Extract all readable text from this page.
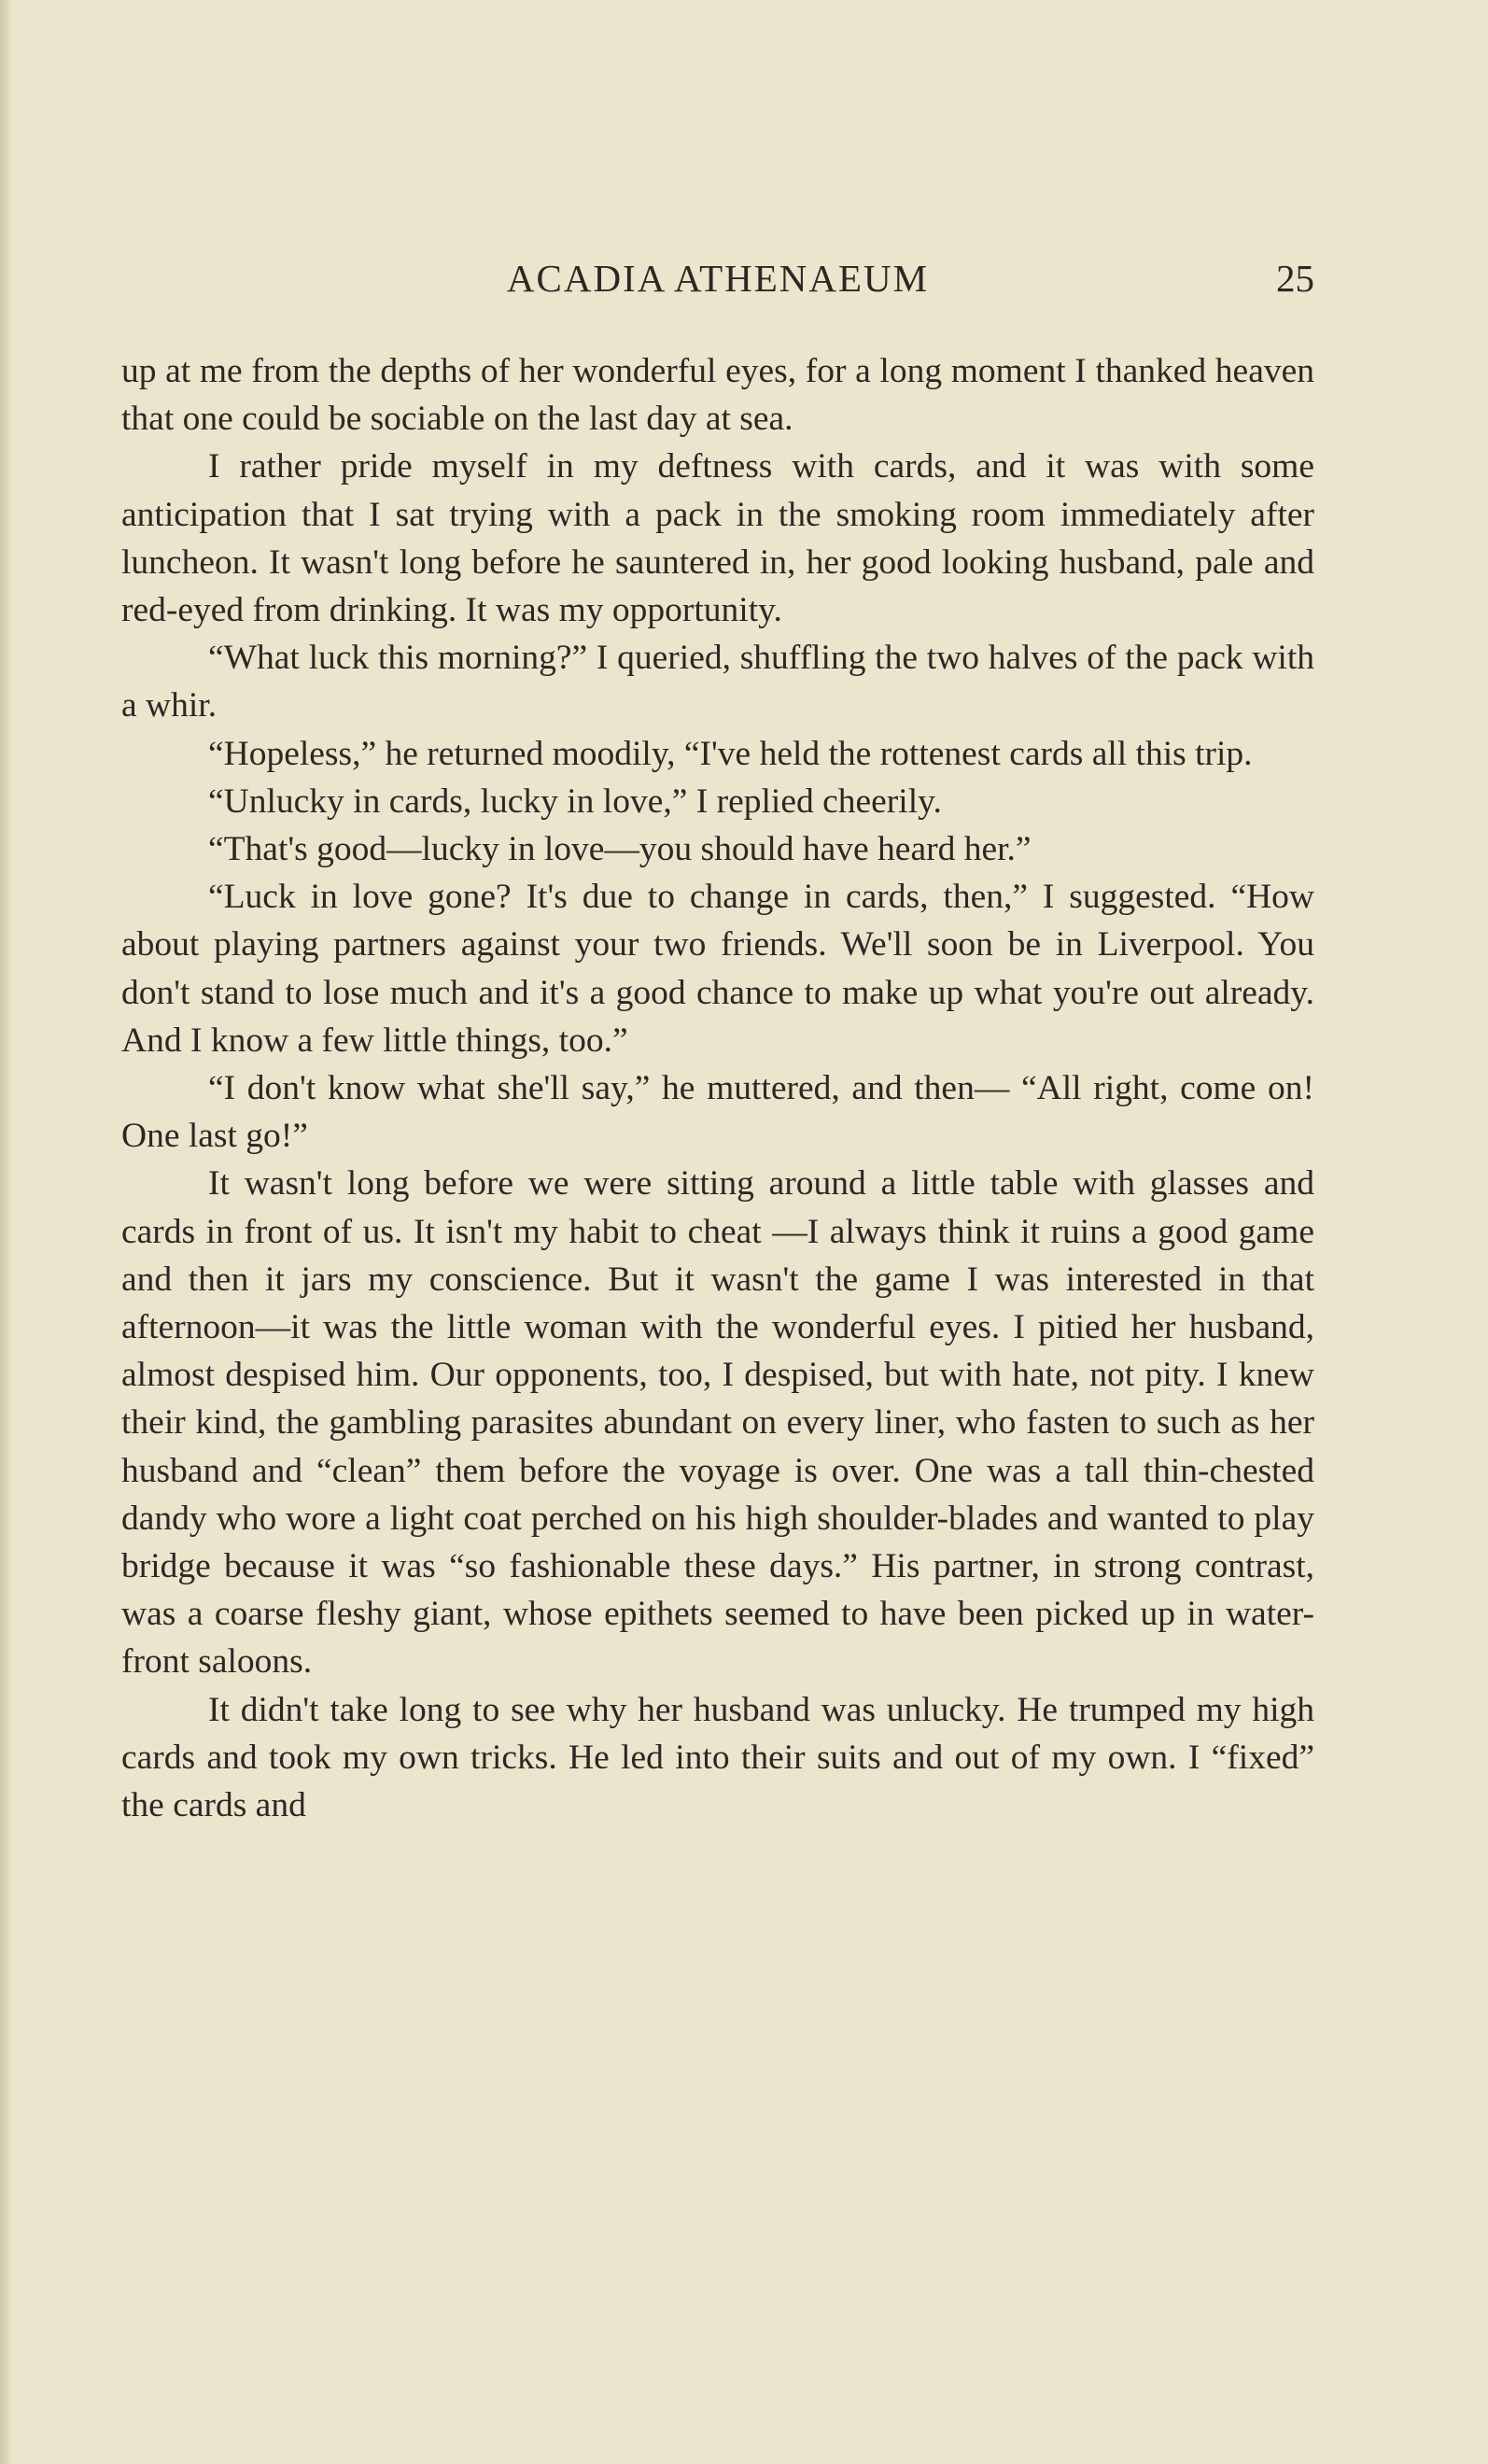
ACADIA ATHENAEUM	25

up at me from the depths of her wonderful eyes, for a long moment I thanked heaven that one could be sociable on the last day at sea.

I rather pride myself in my deftness with cards, and it was with some anticipation that I sat trying with a pack in the smoking room immediately after luncheon. It wasn't long before he sauntered in, her good looking husband, pale and red-eyed from drinking. It was my opportunity.

“What luck this morning?” I queried, shuffling the two halves of the pack with a whir.

“Hopeless,” he returned moodily, “I've held the rottenest cards all this trip.

“Unlucky in cards, lucky in love,” I replied cheerily.

“That's good—lucky in love—you should have heard her.”

“Luck in love gone? It's due to change in cards, then,” I suggested. “How about playing partners against your two friends. We'll soon be in Liverpool. You don't stand to lose much and it's a good chance to make up what you're out already. And I know a few little things, too.”

“I don't know what she'll say,” he muttered, and then— “All right, come on! One last go!”

It wasn't long before we were sitting around a little table with glasses and cards in front of us. It isn't my habit to cheat —I always think it ruins a good game and then it jars my conscience. But it wasn't the game I was interested in that afternoon—it was the little woman with the wonderful eyes. I pitied her husband, almost despised him. Our opponents, too, I despised, but with hate, not pity. I knew their kind, the gambling parasites abundant on every liner, who fasten to such as her husband and “clean” them before the voyage is over. One was a tall thin-chested dandy who wore a light coat perched on his high shoulder-blades and wanted to play bridge because it was “so fashionable these days.” His partner, in strong contrast, was a coarse fleshy giant, whose epithets seemed to have been picked up in water-front saloons.

It didn't take long to see why her husband was unlucky. He trumped my high cards and took my own tricks. He led into their suits and out of my own. I “fixed” the cards and
